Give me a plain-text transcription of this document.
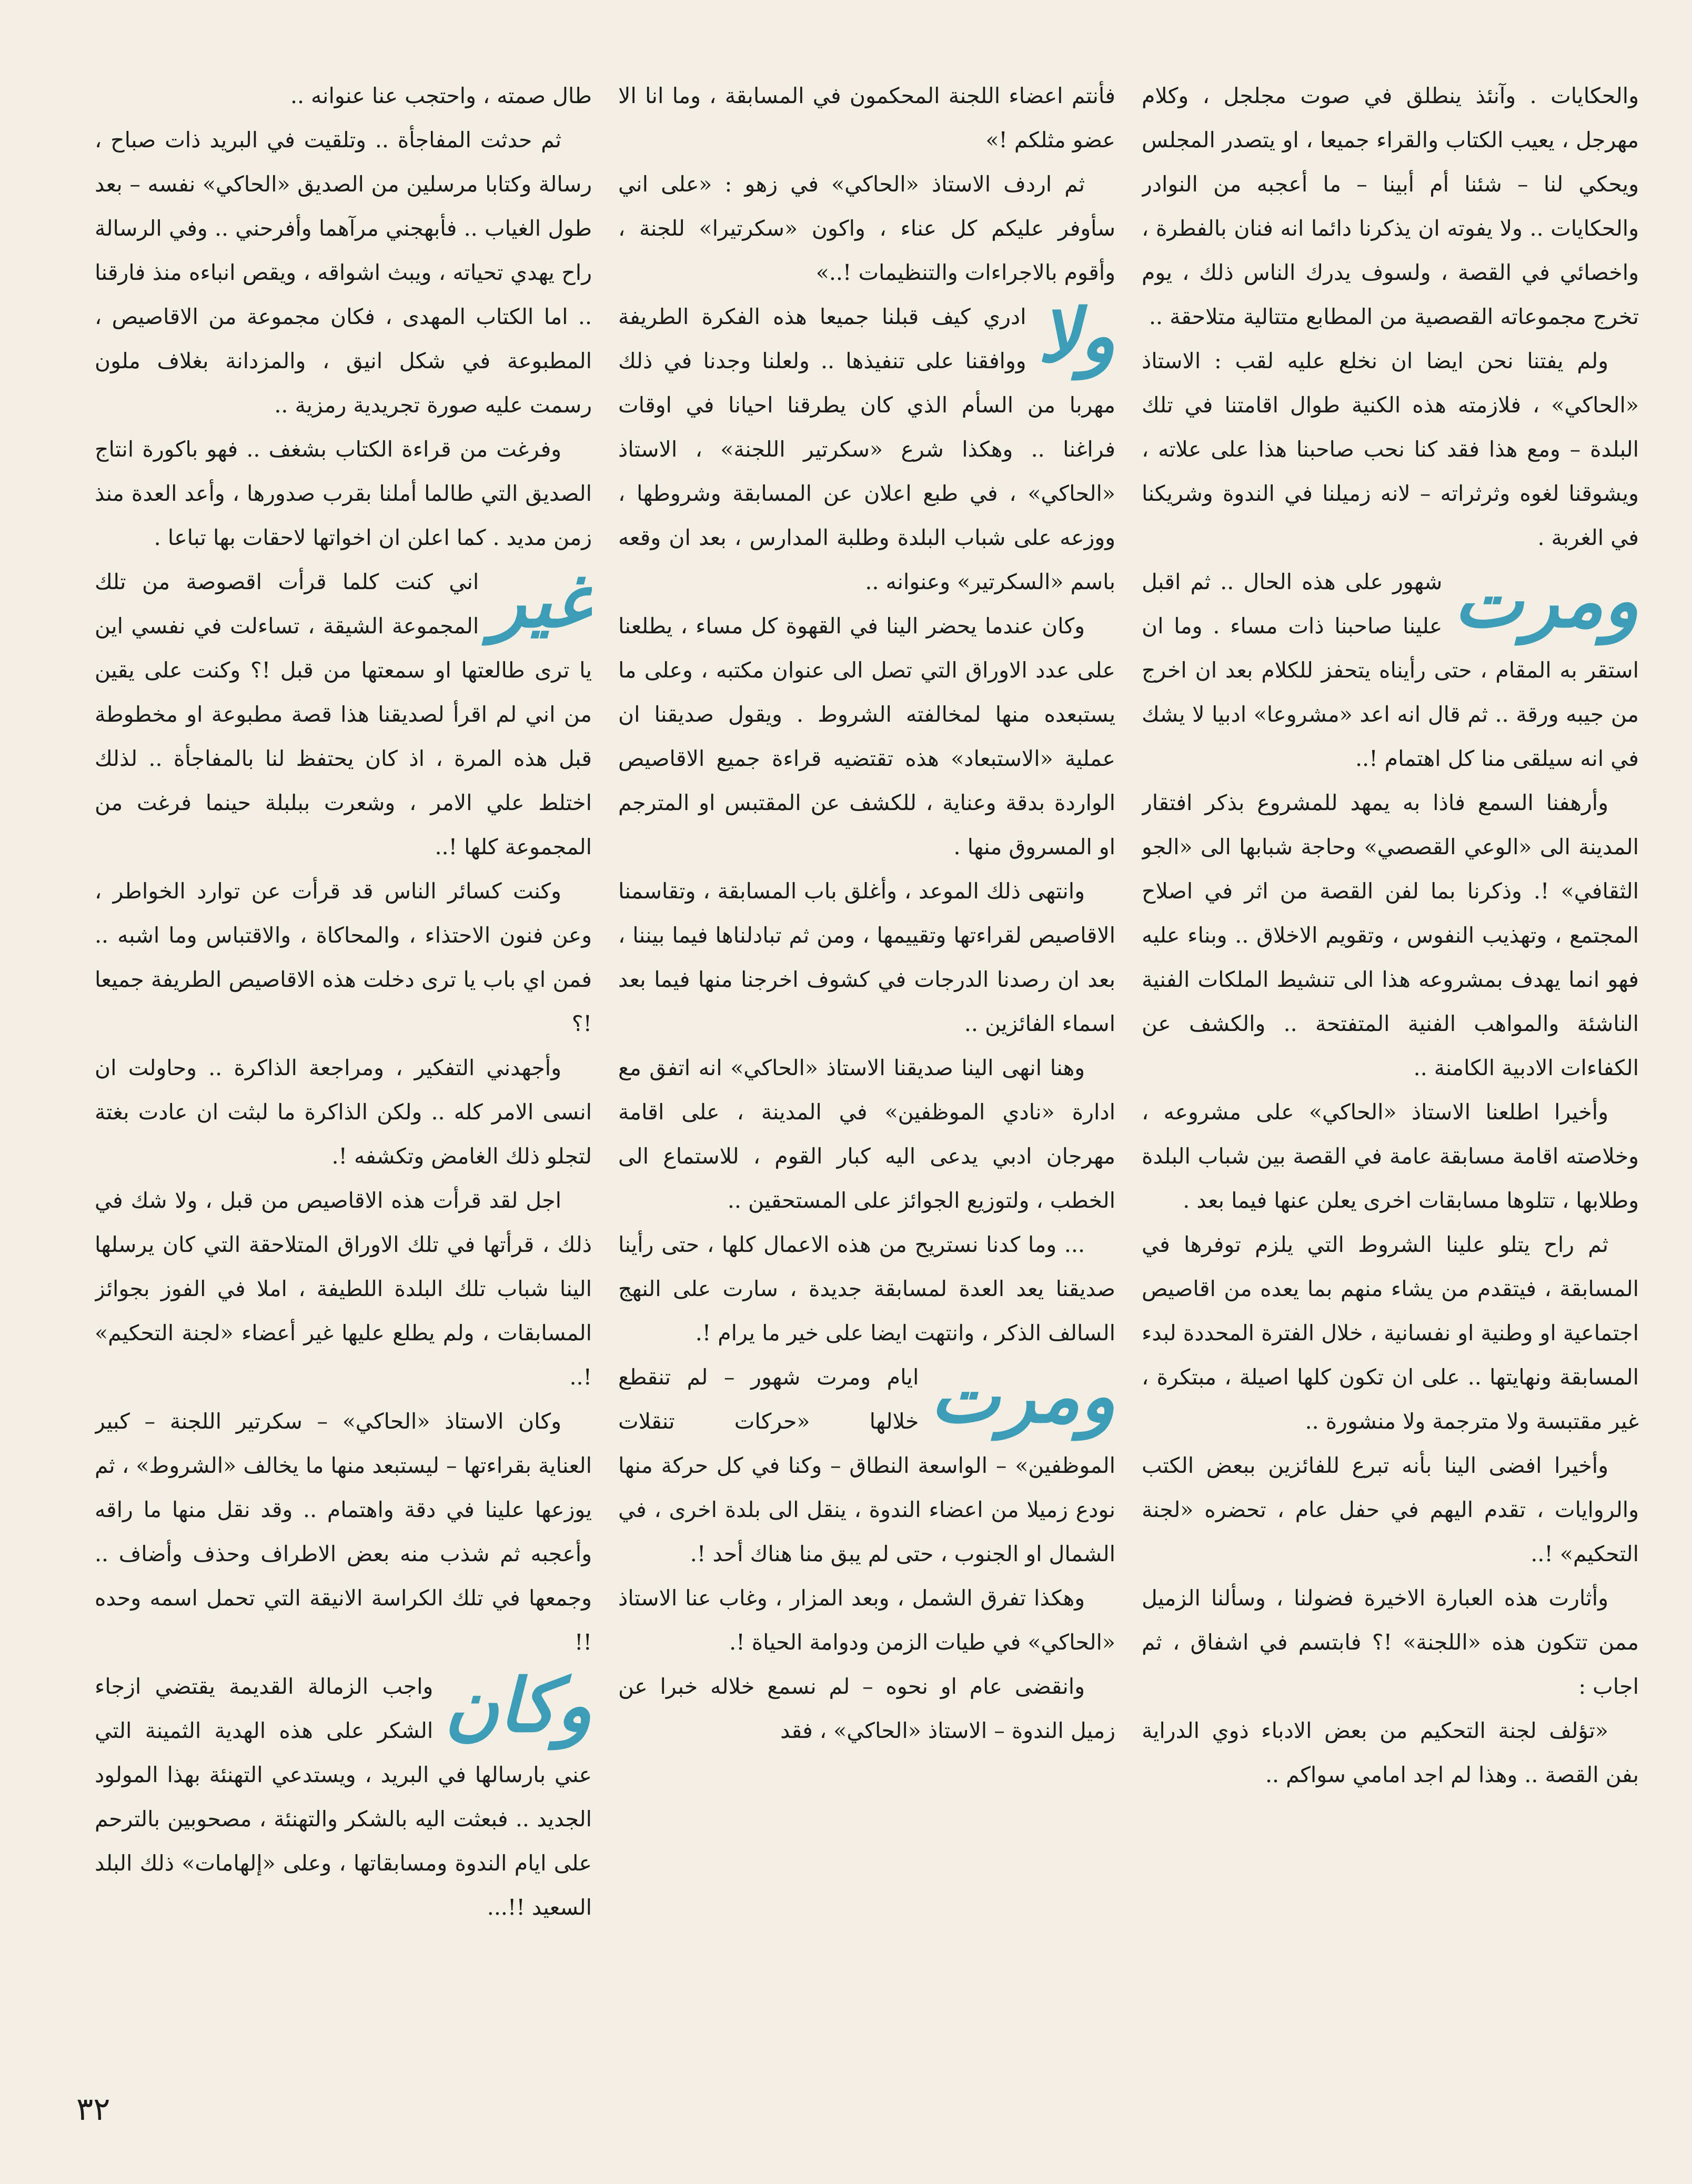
والحكايات . وآنئذ ينطلق في صوت مجلجل ، وكلام مهرجل ، يعيب الكتاب والقراء جميعا ، او يتصدر المجلس ويحكي لنا – شئنا أم أبينا – ما أعجبه من النوادر والحكايات .. ولا يفوته ان يذكرنا دائما انه فنان بالفطرة ، واخصائي في القصة ، ولسوف يدرك الناس ذلك ، يوم تخرج مجموعاته القصصية من المطابع متتالية متلاحقة ..

ولم يفتنا نحن ايضا ان نخلع عليه لقب : الاستاذ «الحاكي» ، فلازمته هذه الكنية طوال اقامتنا في تلك البلدة – ومع هذا فقد كنا نحب صاحبنا هذا على علاته ، ويشوقنا لغوه وثرثراته – لانه زميلنا في الندوة وشريكنا في الغربة .

ومرت
شهور على هذه الحال .. ثم اقبل علينا صاحبنا ذات مساء . وما ان استقر به المقام ، حتى رأيناه يتحفز للكلام بعد ان اخرج من جيبه ورقة .. ثم قال انه اعد «مشروعا» ادبيا لا يشك في انه سيلقى منا كل اهتمام !..

وأرهفنا السمع فاذا به يمهد للمشروع بذكر افتقار المدينة الى «الوعي القصصي» وحاجة شبابها الى «الجو الثقافي» !. وذكرنا بما لفن القصة من اثر في اصلاح المجتمع ، وتهذيب النفوس ، وتقويم الاخلاق .. وبناء عليه فهو انما يهدف بمشروعه هذا الى تنشيط الملكات الفنية الناشئة والمواهب الفنية المتفتحة .. والكشف عن الكفاءات الادبية الكامنة ..

وأخيرا اطلعنا الاستاذ «الحاكي» على مشروعه ، وخلاصته اقامة مسابقة عامة في القصة بين شباب البلدة وطلابها ، تتلوها مسابقات اخرى يعلن عنها فيما بعد .

ثم راح يتلو علينا الشروط التي يلزم توفرها في المسابقة ، فيتقدم من يشاء منهم بما يعده من اقاصيص اجتماعية او وطنية او نفسانية ، خلال الفترة المحددة لبدء المسابقة ونهايتها .. على ان تكون كلها اصيلة ، مبتكرة ، غير مقتبسة ولا مترجمة ولا منشورة ..

وأخيرا افضى الينا بأنه تبرع للفائزين ببعض الكتب والروايات ، تقدم اليهم في حفل عام ، تحضره «لجنة التحكيم» !..

وأثارت هذه العبارة الاخيرة فضولنا ، وسألنا الزميل ممن تتكون هذه «اللجنة» !؟ فابتسم في اشفاق ، ثم اجاب :

«تؤلف لجنة التحكيم من بعض الادباء ذوي الدراية بفن القصة .. وهذا لم اجد امامي سواكم ..

فأنتم اعضاء اللجنة المحكمون في المسابقة ، وما انا الا عضو مثلكم !»

ثم اردف الاستاذ «الحاكي» في زهو : «على اني سأوفر عليكم كل عناء ، واكون «سكرتيرا» للجنة ، وأقوم بالاجراءات والتنظيمات !..»

ولا
ادري كيف قبلنا جميعا هذه الفكرة الطريفة ووافقنا على تنفيذها .. ولعلنا وجدنا في ذلك مهربا من السأم الذي كان يطرقنا احيانا في اوقات فراغنا .. وهكذا شرع «سكرتير اللجنة» ، الاستاذ «الحاكي» ، في طبع اعلان عن المسابقة وشروطها ، ووزعه على شباب البلدة وطلبة المدارس ، بعد ان وقعه باسم «السكرتير» وعنوانه ..

وكان عندما يحضر الينا في القهوة كل مساء ، يطلعنا على عدد الاوراق التي تصل الى عنوان مكتبه ، وعلى ما يستبعده منها لمخالفته الشروط . ويقول صديقنا ان عملية «الاستبعاد» هذه تقتضيه قراءة جميع الاقاصيص الواردة بدقة وعناية ، للكشف عن المقتبس او المترجم او المسروق منها .

وانتهى ذلك الموعد ، وأغلق باب المسابقة ، وتقاسمنا الاقاصيص لقراءتها وتقييمها ، ومن ثم تبادلناها فيما بيننا ، بعد ان رصدنا الدرجات في كشوف اخرجنا منها فيما بعد اسماء الفائزين ..

وهنا انهى الينا صديقنا الاستاذ «الحاكي» انه اتفق مع ادارة «نادي الموظفين» في المدينة ، على اقامة مهرجان ادبي يدعى اليه كبار القوم ، للاستماع الى الخطب ، ولتوزيع الجوائز على المستحقين ..

... وما كدنا نستريح من هذه الاعمال كلها ، حتى رأينا صديقنا يعد العدة لمسابقة جديدة ، سارت على النهج السالف الذكر ، وانتهت ايضا على خير ما يرام !.

ومرت
ايام ومرت شهور – لم تنقطع خلالها «حركات تنقلات الموظفين» – الواسعة النطاق – وكنا في كل حركة منها نودع زميلا من اعضاء الندوة ، ينقل الى بلدة اخرى ، في الشمال او الجنوب ، حتى لم يبق منا هناك أحد !.

وهكذا تفرق الشمل ، وبعد المزار ، وغاب عنا الاستاذ «الحاكي» في طيات الزمن ودوامة الحياة !.

وانقضى عام او نحوه – لم نسمع خلاله خبرا عن زميل الندوة – الاستاذ «الحاكي» ، فقد

طال صمته ، واحتجب عنا عنوانه ..

ثم حدثت المفاجأة .. وتلقيت في البريد ذات صباح ، رسالة وكتابا مرسلين من الصديق «الحاكي» نفسه – بعد طول الغياب .. فأبهجني مرآهما وأفرحني .. وفي الرسالة راح يهدي تحياته ، ويبث اشواقه ، ويقص انباءه منذ فارقنا .. اما الكتاب المهدى ، فكان مجموعة من الاقاصيص ، المطبوعة في شكل انيق ، والمزدانة بغلاف ملون رسمت عليه صورة تجريدية رمزية ..

وفرغت من قراءة الكتاب بشغف .. فهو باكورة انتاج الصديق التي طالما أملنا بقرب صدورها ، وأعد العدة منذ زمن مديد . كما اعلن ان اخواتها لاحقات بها تباعا .

غير
اني كنت كلما قرأت اقصوصة من تلك المجموعة الشيقة ، تساءلت في نفسي اين يا ترى طالعتها او سمعتها من قبل !؟ وكنت على يقين من اني لم اقرأ لصديقنا هذا قصة مطبوعة او مخطوطة قبل هذه المرة ، اذ كان يحتفظ لنا بالمفاجأة .. لذلك اختلط علي الامر ، وشعرت ببلبلة حينما فرغت من المجموعة كلها !..

وكنت كسائر الناس قد قرأت عن توارد الخواطر ، وعن فنون الاحتذاء ، والمحاكاة ، والاقتباس وما اشبه .. فمن اي باب يا ترى دخلت هذه الاقاصيص الطريفة جميعا !؟

وأجهدني التفكير ، ومراجعة الذاكرة .. وحاولت ان انسى الامر كله .. ولكن الذاكرة ما لبثت ان عادت بغتة لتجلو ذلك الغامض وتكشفه !.

اجل لقد قرأت هذه الاقاصيص من قبل ، ولا شك في ذلك ، قرأتها في تلك الاوراق المتلاحقة التي كان يرسلها الينا شباب تلك البلدة اللطيفة ، املا في الفوز بجوائز المسابقات ، ولم يطلع عليها غير أعضاء «لجنة التحكيم» !..

وكان الاستاذ «الحاكي» – سكرتير اللجنة – كبير العناية بقراءتها – ليستبعد منها ما يخالف «الشروط» ، ثم يوزعها علينا في دقة واهتمام .. وقد نقل منها ما راقه وأعجبه ثم شذب منه بعض الاطراف وحذف وأضاف .. وجمعها في تلك الكراسة الانيقة التي تحمل اسمه وحده !!

وكان
واجب الزمالة القديمة يقتضي ازجاء الشكر على هذه الهدية الثمينة التي عني بارسالها في البريد ، ويستدعي التهنئة بهذا المولود الجديد .. فبعثت اليه بالشكر والتهنئة ، مصحوبين بالترحم على ايام الندوة ومسابقاتها ، وعلى «إلهامات» ذلك البلد السعيد !!...

٣٢
